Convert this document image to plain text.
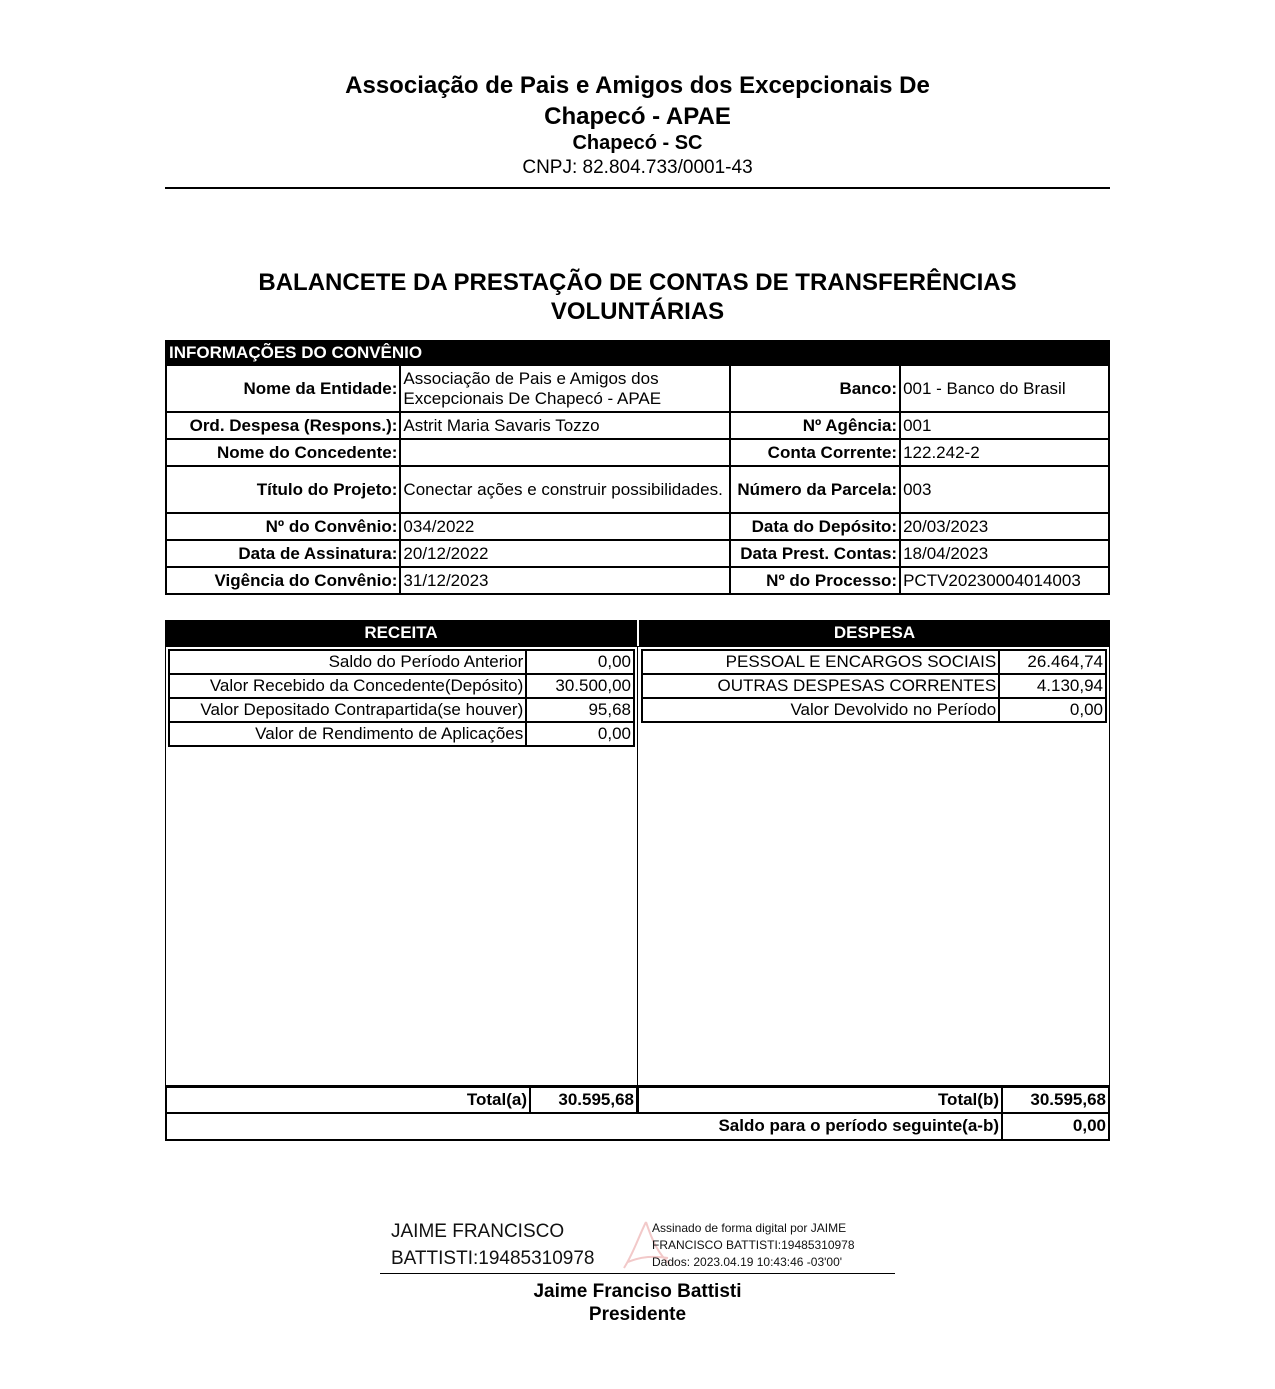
Associação de Pais e Amigos dos Excepcionais De
Chapecó - APAE
Chapecó - SC
CNPJ: 82.804.733/0001-43
BALANCETE DA PRESTAÇÃO DE CONTAS DE TRANSFERÊNCIAS
VOLUNTÁRIAS
INFORMAÇÕES DO CONVÊNIO			
Nome da Entidade:	Associação de Pais e Amigos dos Excepcionais De Chapecó - APAE	Banco:	001 - Banco do Brasil
Ord. Despesa (Respons.):	Astrit Maria Savaris Tozzo	Nº Agência:	001
Nome do Concedente:		Conta Corrente:	122.242-2
Título do Projeto:	Conectar ações e construir possibilidades.	Número da Parcela:	003
Nº do Convênio:	034/2022	Data do Depósito:	20/03/2023
Data de Assinatura:	20/12/2022	Data Prest. Contas:	18/04/2023
Vigência do Convênio:	31/12/2023	Nº do Processo:	PCTV20230004014003
RECEITA	DESPESA
Saldo do Período Anterior	0,00
Valor Recebido da Concedente(Depósito)	30.500,00
Valor Depositado Contrapartida(se houver)	95,68
Valor de Rendimento de Aplicações	0,00
PESSOAL E ENCARGOS SOCIAIS	26.464,74
OUTRAS DESPESAS CORRENTES	4.130,94
Valor Devolvido no Período	0,00
Total(a)	30.595,68	Total(b)	30.595,68
Saldo para o período seguinte(a-b)	0,00
JAIME FRANCISCO
BATTISTI:19485310978
Assinado de forma digital por JAIME
FRANCISCO BATTISTI:19485310978
Dados: 2023.04.19 10:43:46 -03'00'
Jaime Franciso Battisti
Presidente
